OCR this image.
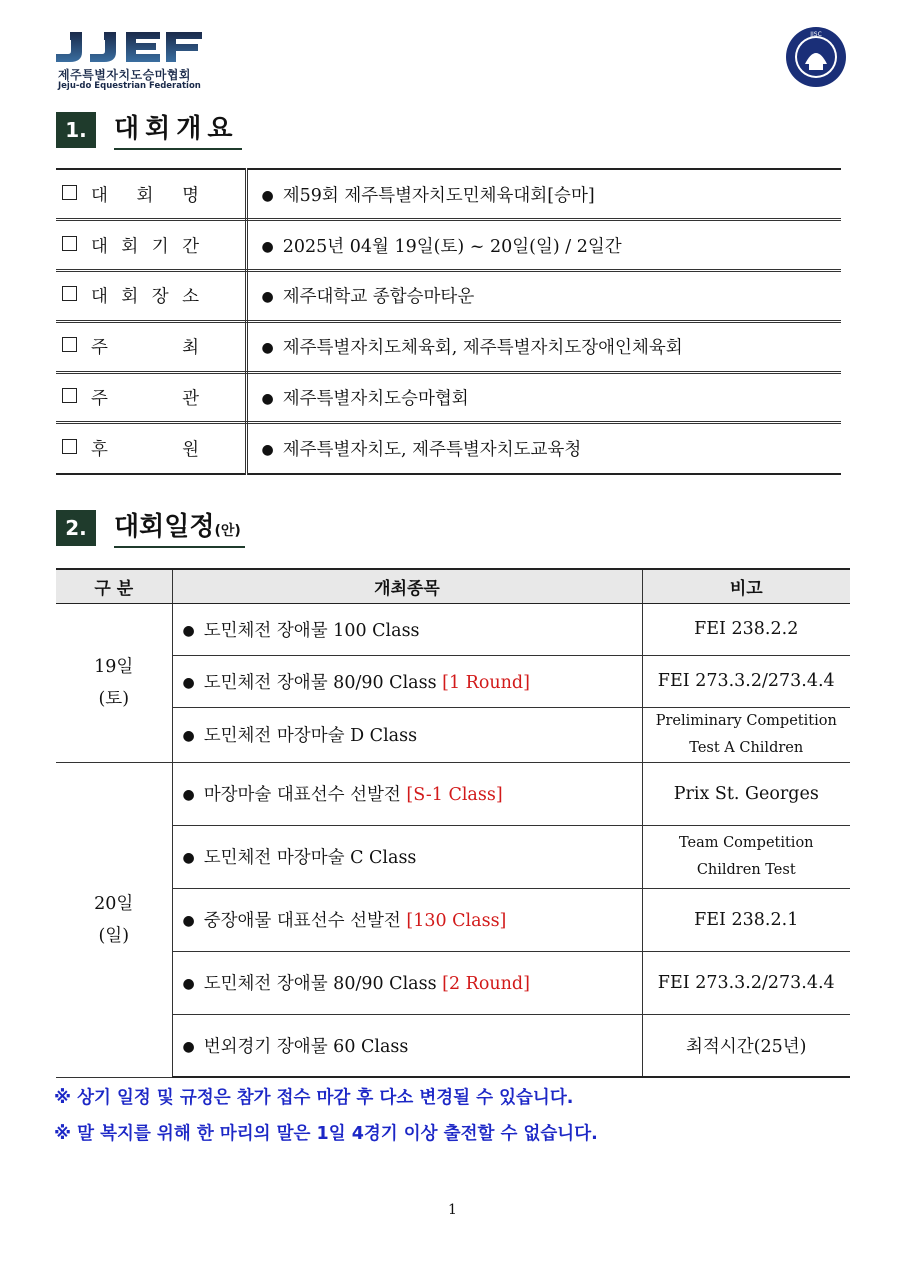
제주특별자치도승마협회
Jeju-do Equestrian Federation
JJSC
1.	대회개요
대 회 명	● 제59회 제주특별자치도민체육대회[승마]

대 회 기 간	● 2025년 04월 19일(토) ~ 20일(일) / 2일간

대 회 장 소	● 제주대학교 종합승마타운

주 최	● 제주특별자치도체육회, 제주특별자치도장애인체육회

주 관	● 제주특별자치도승마협회

후 원	● 제주특별자치도, 제주특별자치도교육청
2.	대회일정(안)
구 분	개최종목	비고

19일
(토)	● 도민체전 장애물 100 Class	FEI 238.2.2

	● 도민체전 장애물 80/90 Class [1 Round]	FEI 273.3.2/273.4.4

	● 도민체전 마장마술 D Class	Preliminary Competition
Test A Children

20일
(일)	● 마장마술 대표선수 선발전 [S-1 Class]	Prix St. Georges

	● 도민체전 마장마술 C Class	Team Competition
Children Test

	● 중장애물 대표선수 선발전 [130 Class]	FEI 238.2.1

	● 도민체전 장애물 80/90 Class [2 Round]	FEI 273.3.2/273.4.4

	● 번외경기 장애물 60 Class	최적시간(25년)
※ 상기 일정 및 규정은 참가 접수 마감 후 다소 변경될 수 있습니다.
※ 말 복지를 위해 한 마리의 말은 1일 4경기 이상 출전할 수 없습니다.
1
